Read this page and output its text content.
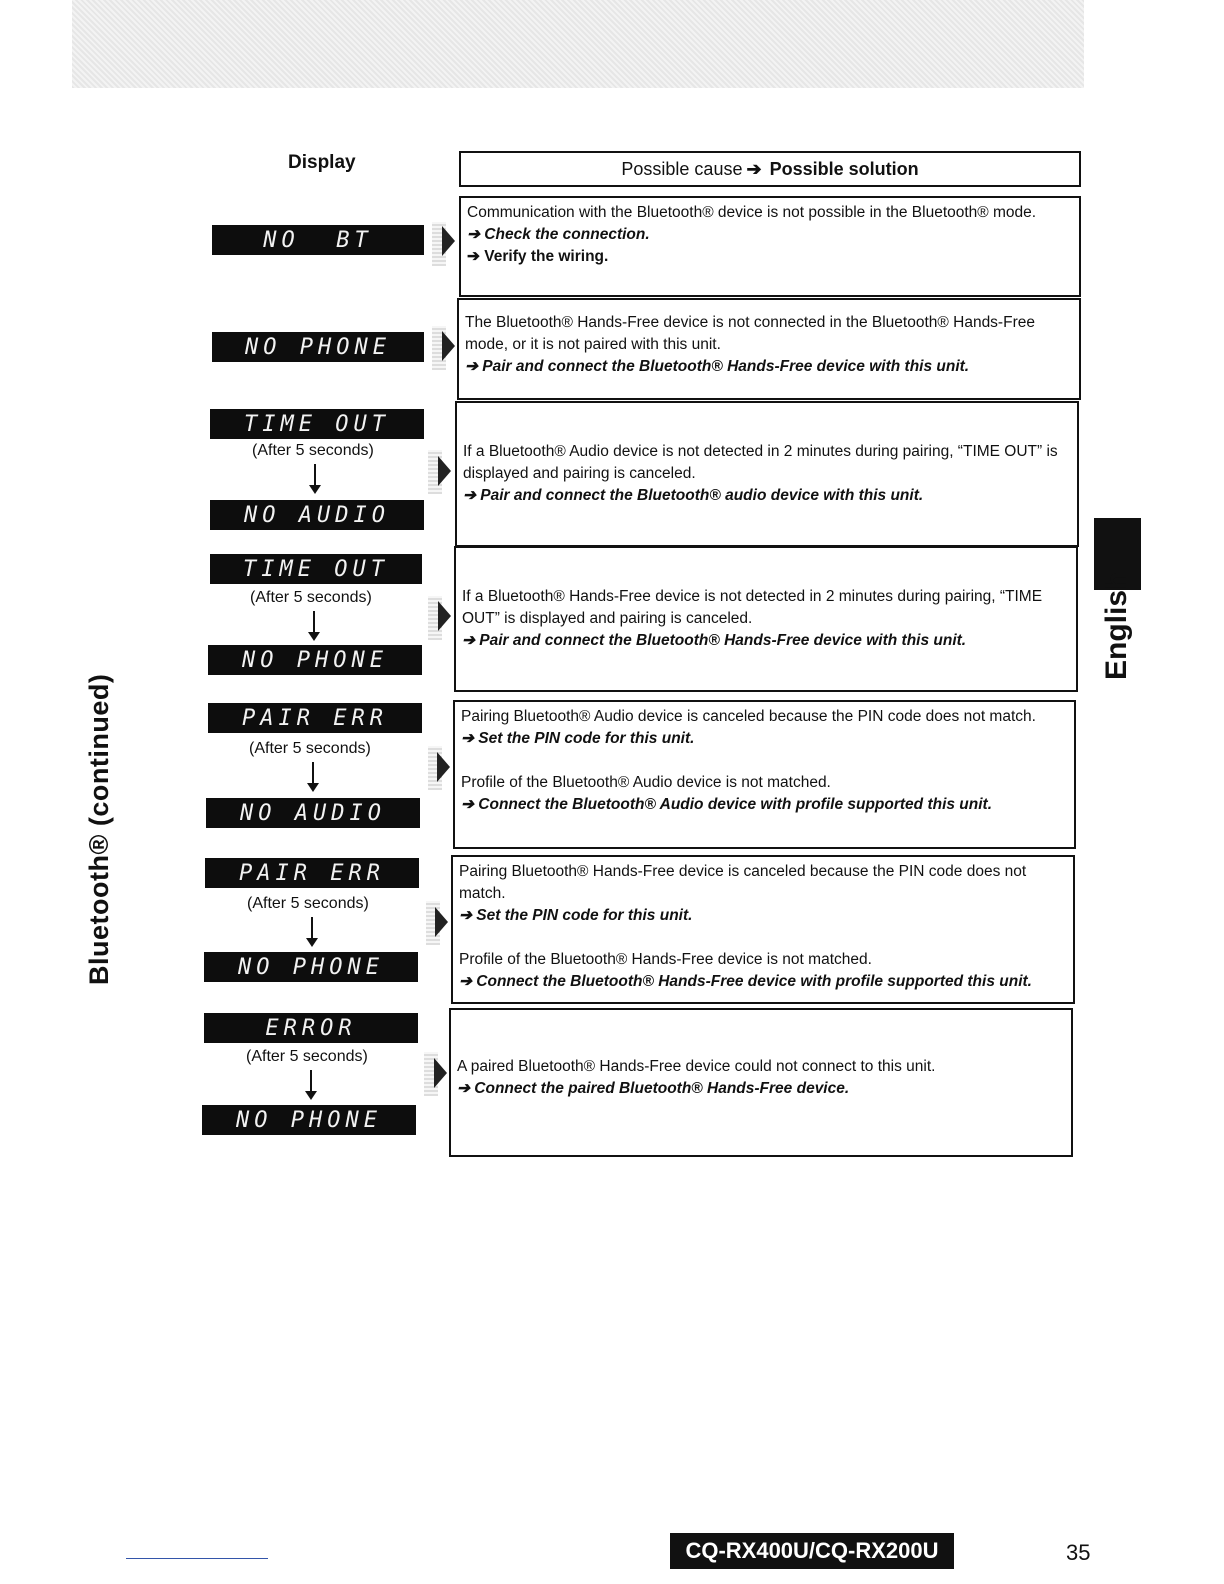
Bluetooth® (continued)
English
Display	Possible cause ➔ Possible solution
NO  BT

Communication with the Bluetooth® device is not possible in the Bluetooth® mode.

➔ Check the connection.

➔ Verify the wiring.

NO PHONE

The Bluetooth® Hands-Free device is not connected in the Bluetooth® Hands-Free mode, or it is not paired with this unit.

➔ Pair and connect the Bluetooth® Hands-Free device with this unit.

TIME OUT
(After 5 seconds)
NO AUDIO

If a Bluetooth® Audio device is not detected in 2 minutes during pairing, “TIME OUT” is displayed and pairing is canceled.

➔ Pair and connect the Bluetooth® audio device with this unit.

TIME OUT
(After 5 seconds)
NO PHONE

If a Bluetooth® Hands-Free device is not detected in 2 minutes during pairing, “TIME OUT” is displayed and pairing is canceled.

➔ Pair and connect the Bluetooth® Hands-Free device with this unit.

PAIR ERR
(After 5 seconds)
NO AUDIO

Pairing Bluetooth® Audio device is canceled because the PIN code does not match.

➔ Set the PIN code for this unit.

Profile of the Bluetooth® Audio device is not matched.

➔ Connect the Bluetooth® Audio device with profile supported this unit.

PAIR ERR
(After 5 seconds)
NO PHONE

Pairing Bluetooth® Hands-Free device is canceled because the PIN code does not match.

➔ Set the PIN code for this unit.

Profile of the Bluetooth® Hands-Free device is not matched.

➔ Connect the Bluetooth® Hands-Free device with profile supported this unit.

ERROR
(After 5 seconds)
NO PHONE

A paired Bluetooth® Hands-Free device could not connect to this unit.

➔ Connect the paired Bluetooth® Hands-Free device.

CQ-RX400U/CQ-RX200U	35
